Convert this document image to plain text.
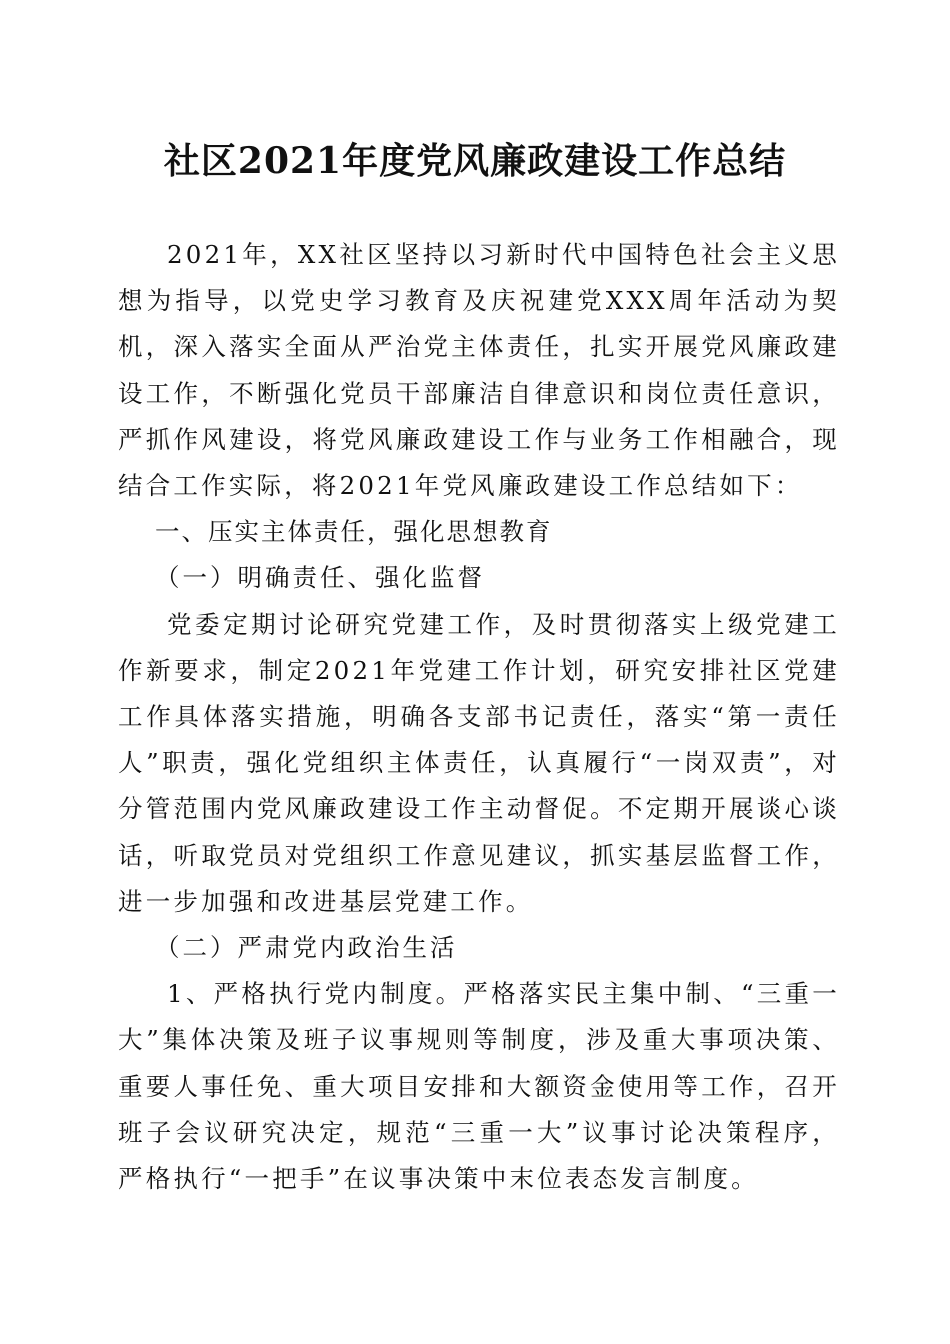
社区2021年度党风廉政建设工作总结

2021年，XX社区坚持以习新时代中国特色社会主义思想为指导，以党史学习教育及庆祝建党XXX周年活动为契机，深入落实全面从严治党主体责任，扎实开展党风廉政建设工作，不断强化党员干部廉洁自律意识和岗位责任意识，严抓作风建设，将党风廉政建设工作与业务工作相融合，现结合工作实际，将2021年党风廉政建设工作总结如下：

一、压实主体责任，强化思想教育

（一）明确责任、强化监督

党委定期讨论研究党建工作，及时贯彻落实上级党建工作新要求，制定2021年党建工作计划，研究安排社区党建工作具体落实措施，明确各支部书记责任，落实“第一责任人”职责，强化党组织主体责任，认真履行“一岗双责”，对分管范围内党风廉政建设工作主动督促。不定期开展谈心谈话，听取党员对党组织工作意见建议，抓实基层监督工作，进一步加强和改进基层党建工作。

（二）严肃党内政治生活

1、严格执行党内制度。严格落实民主集中制、“三重一大”集体决策及班子议事规则等制度，涉及重大事项决策、重要人事任免、重大项目安排和大额资金使用等工作，召开班子会议研究决定，规范“三重一大”议事讨论决策程序，严格执行“一把手”在议事决策中末位表态发言制度。
